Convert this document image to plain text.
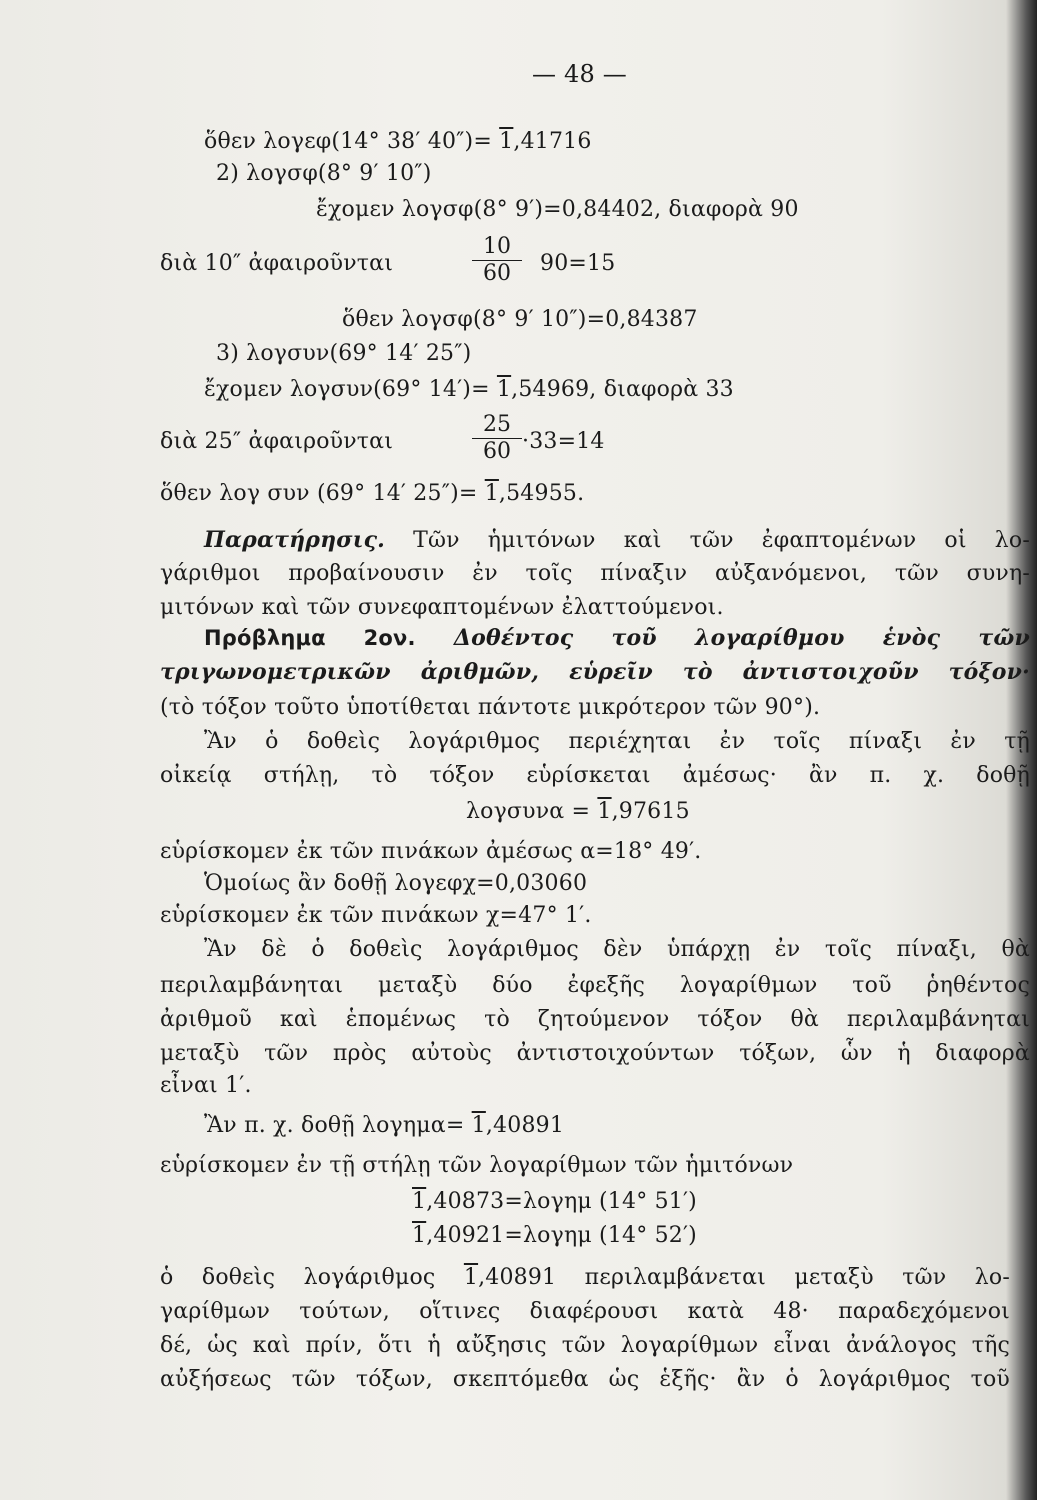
— 48 —
ὅθεν λογεφ(14° 38′ 40″)= 1,41716
2) λογσφ(8° 9′ 10″)
ἔχομεν λογσφ(8° 9′)=0,84402, διαφορὰ 90
διὰ 10″ ἀφαιροῦνται
10
60	90=15
ὅθεν λογσφ(8° 9′ 10″)=0,84387
3) λογσυν(69° 14′ 25″)
ἔχομεν λογσυν(69° 14′)= 1,54969, διαφορὰ 33
διὰ 25″ ἀφαιροῦνται
25
60 ·33=14
ὅθεν λογ συν (69° 14′ 25″)= 1,54955.
Παρατήρησις. Τῶν ἡμιτόνων καὶ τῶν ἐφαπτομένων οἱ λο-
γάριθμοι προβαίνουσιν ἐν τοῖς πίναξιν αὐξανόμενοι, τῶν συνη-
μιτόνων καὶ τῶν συνεφαπτομένων ἐλαττούμενοι.
Πρόβλημα 2ον. Δοθέντος τοῦ λογαρίθμου ἑνὸς τῶν
τριγωνομετρικῶν ἀριθμῶν, εὑρεῖν τὸ ἀντιστοιχοῦν τόξον·
(τὸ τόξον τοῦτο ὑποτίθεται πάντοτε μικρότερον τῶν 90°).
Ἂν ὁ δοθεὶς λογάριθμος περιέχηται ἐν τοῖς πίναξι ἐν τῇ
οἰκείᾳ στήλῃ, τὸ τόξον εὑρίσκεται ἀμέσως· ἂν π. χ. δοθῇ
λογσυνα = 1,97615
εὑρίσκομεν ἐκ τῶν πινάκων ἀμέσως α=18° 49′.
Ὁμοίως ἂν δοθῇ λογεφχ=0,03060
εὑρίσκομεν ἐκ τῶν πινάκων χ=47° 1′.
Ἂν δὲ ὁ δοθεὶς λογάριθμος δὲν ὑπάρχῃ ἐν τοῖς πίναξι, θὰ
περιλαμβάνηται μεταξὺ δύο ἐφεξῆς λογαρίθμων τοῦ ῥηθέντος
ἀριθμοῦ καὶ ἑπομένως τὸ ζητούμενον τόξον θὰ περιλαμβάνηται
μεταξὺ τῶν πρὸς αὐτοὺς ἀντιστοιχούντων τόξων, ὧν ἡ διαφορὰ
εἶναι 1′.
Ἂν π. χ. δοθῇ λογημα= 1,40891
εὑρίσκομεν ἐν τῇ στήλῃ τῶν λογαρίθμων τῶν ἡμιτόνων
1,40873=λογημ (14° 51′)
1,40921=λογημ (14° 52′)
ὁ δοθεὶς λογάριθμος 1,40891 περιλαμβάνεται μεταξὺ τῶν λο-
γαρίθμων τούτων, οἵτινες διαφέρουσι κατὰ 48· παραδεχόμενοι
δέ, ὡς καὶ πρίν, ὅτι ἡ αὔξησις τῶν λογαρίθμων εἶναι ἀνάλογος τῆς
αὐξήσεως τῶν τόξων, σκεπτόμεθα ὡς ἑξῆς· ἂν ὁ λογάριθμος τοῦ
